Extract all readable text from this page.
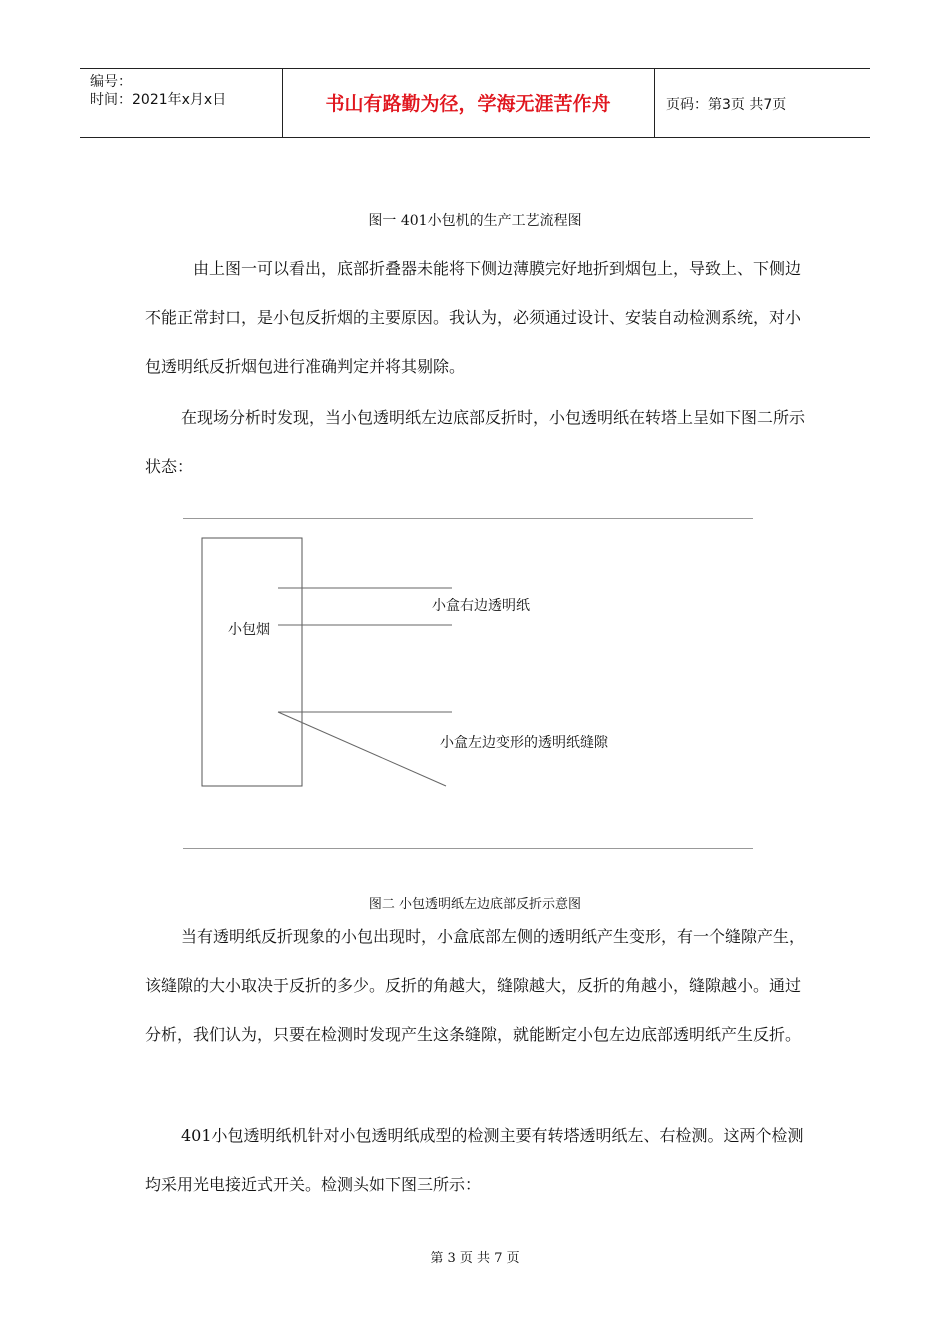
编号：
时间：2021年x月x日	书山有路勤为径，学海无涯苦作舟	页码：第3页 共7页
图一 401小包机的生产工艺流程图

由上图一可以看出，底部折叠器未能将下侧边薄膜完好地折到烟包上，导致上、下侧边不能正常封口，是小包反折烟的主要原因。我认为，必须通过设计、安装自动检测系统，对小包透明纸反折烟包进行准确判定并将其剔除。

在现场分析时发现，当小包透明纸左边底部反折时，小包透明纸在转塔上呈如下图二所示状态：

小包烟
小盒右边透明纸
小盒左边变形的透明纸缝隙
图二 小包透明纸左边底部反折示意图

当有透明纸反折现象的小包出现时，小盒底部左侧的透明纸产生变形，有一个缝隙产生，该缝隙的大小取决于反折的多少。反折的角越大，缝隙越大，反折的角越小，缝隙越小。通过分析，我们认为，只要在检测时发现产生这条缝隙，就能断定小包左边底部透明纸产生反折。

401小包透明纸机针对小包透明纸成型的检测主要有转塔透明纸左、右检测。这两个检测均采用光电接近式开关。检测头如下图三所示：

第 3 页 共 7 页
